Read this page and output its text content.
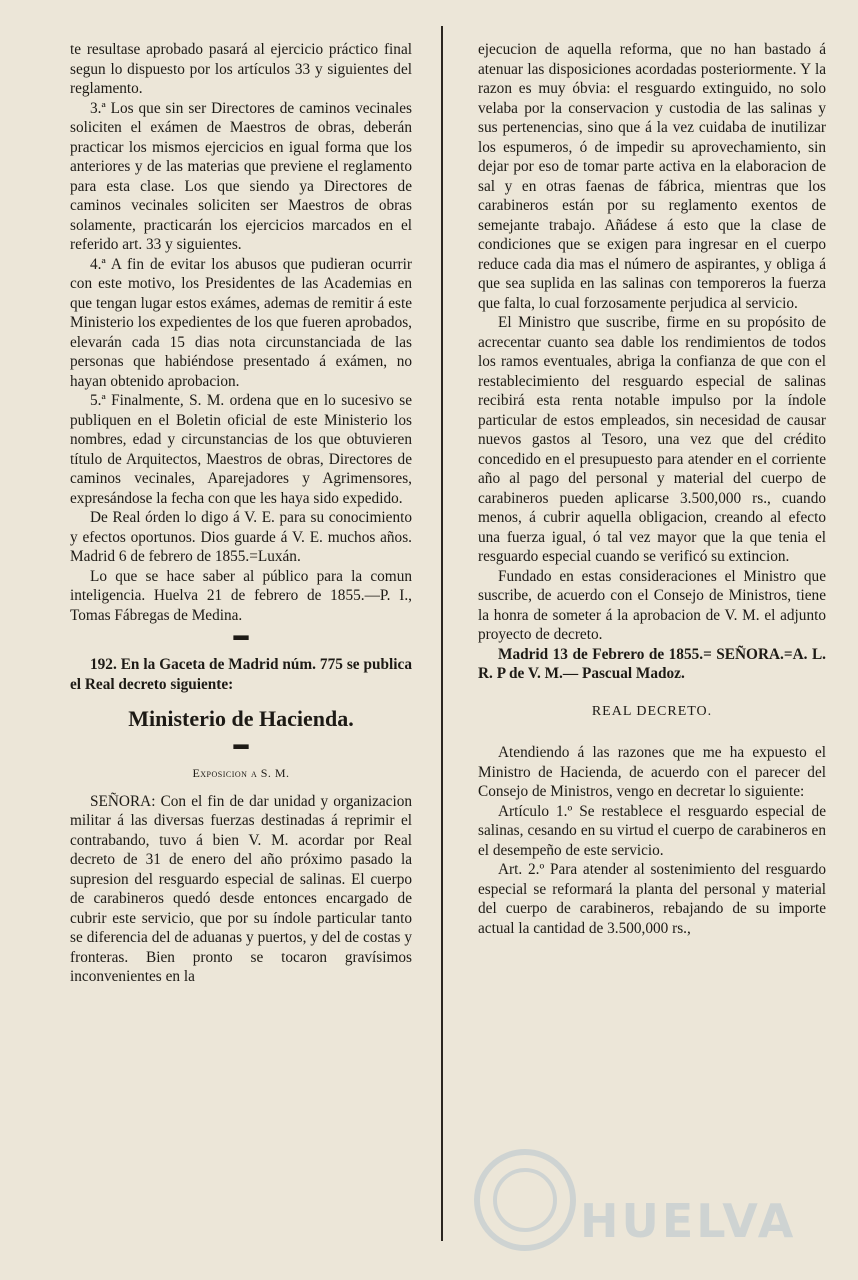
te resultase aprobado pasará al ejercicio práctico final segun lo dispuesto por los artículos 33 y siguientes del reglamento.

3.ª Los que sin ser Directores de caminos vecinales soliciten el exámen de Maestros de obras, deberán practicar los mismos ejercicios en igual forma que los anteriores y de las materias que previene el reglamento para esta clase. Los que siendo ya Directores de caminos vecinales soliciten ser Maestros de obras solamente, practicarán los ejercicios marcados en el referido art. 33 y siguientes.

4.ª A fin de evitar los abusos que pudieran ocurrir con este motivo, los Presidentes de las Academias en que tengan lugar estos exámes, ademas de remitir á este Ministerio los expedientes de los que fueren aprobados, elevarán cada 15 dias nota circunstanciada de las personas que habiéndose presentado á exámen, no hayan obtenido aprobacion.

5.ª Finalmente, S. M. ordena que en lo sucesivo se publiquen en el Boletin oficial de este Ministerio los nombres, edad y circunstancias de los que obtuvieren título de Arquitectos, Maestros de obras, Directores de caminos vecinales, Aparejadores y Agrimensores, expresándose la fecha con que les haya sido expedido.

De Real órden lo digo á V. E. para su conocimiento y efectos oportunos. Dios guarde á V. E. muchos años. Madrid 6 de febrero de 1855.=Luxán.

Lo que se hace saber al público para la comun inteligencia. Huelva 21 de febrero de 1855.—P. I., Tomas Fábregas de Medina.

▬

192. En la Gaceta de Madrid núm. 775 se publica el Real decreto siguiente:

Ministerio de Hacienda.

▬

Exposicion a S. M.

SEÑORA: Con el fin de dar unidad y organizacion militar á las diversas fuerzas destinadas á reprimir el contrabando, tuvo á bien V. M. acordar por Real decreto de 31 de enero del año próximo pasado la supresion del resguardo especial de salinas. El cuerpo de carabineros quedó desde entonces encargado de cubrir este servicio, que por su índole particular tanto se diferencia del de aduanas y puertos, y del de costas y fronteras. Bien pronto se tocaron gravísimos inconvenientes en la

ejecucion de aquella reforma, que no han bastado á atenuar las disposiciones acordadas posteriormente. Y la razon es muy óbvia: el resguardo extinguido, no solo velaba por la conservacion y custodia de las salinas y sus pertenencias, sino que á la vez cuidaba de inutilizar los espumeros, ó de impedir su aprovechamiento, sin dejar por eso de tomar parte activa en la elaboracion de sal y en otras faenas de fábrica, mientras que los carabineros están por su reglamento exentos de semejante trabajo. Añádese á esto que la clase de condiciones que se exigen para ingresar en el cuerpo reduce cada dia mas el número de aspirantes, y obliga á que sea suplida en las salinas con temporeros la fuerza que falta, lo cual forzosamente perjudica al servicio.

El Ministro que suscribe, firme en su propósito de acrecentar cuanto sea dable los rendimientos de todos los ramos eventuales, abriga la confianza de que con el restablecimiento del resguardo especial de salinas recibirá esta renta notable impulso por la índole particular de estos empleados, sin necesidad de causar nuevos gastos al Tesoro, una vez que del crédito concedido en el presupuesto para atender en el corriente año al pago del personal y material del cuerpo de carabineros pueden aplicarse 3.500,000 rs., cuando menos, á cubrir aquella obligacion, creando al efecto una fuerza igual, ó tal vez mayor que la que tenia el resguardo especial cuando se verificó su extincion.

Fundado en estas consideraciones el Ministro que suscribe, de acuerdo con el Consejo de Ministros, tiene la honra de someter á la aprobacion de V. M. el adjunto proyecto de decreto.

Madrid 13 de Febrero de 1855.= SEÑORA.=A. L. R. P de V. M.— Pascual Madoz.

REAL DECRETO.

Atendiendo á las razones que me ha expuesto el Ministro de Hacienda, de acuerdo con el parecer del Consejo de Ministros, vengo en decretar lo siguiente:

Artículo 1.º Se restablece el resguardo especial de salinas, cesando en su virtud el cuerpo de carabineros en el desempeño de este servicio.

Art. 2.º Para atender al sostenimiento del resguardo especial se reformará la planta del personal y material del cuerpo de carabineros, rebajando de su importe actual la cantidad de 3.500,000 rs.,

HUELVA
